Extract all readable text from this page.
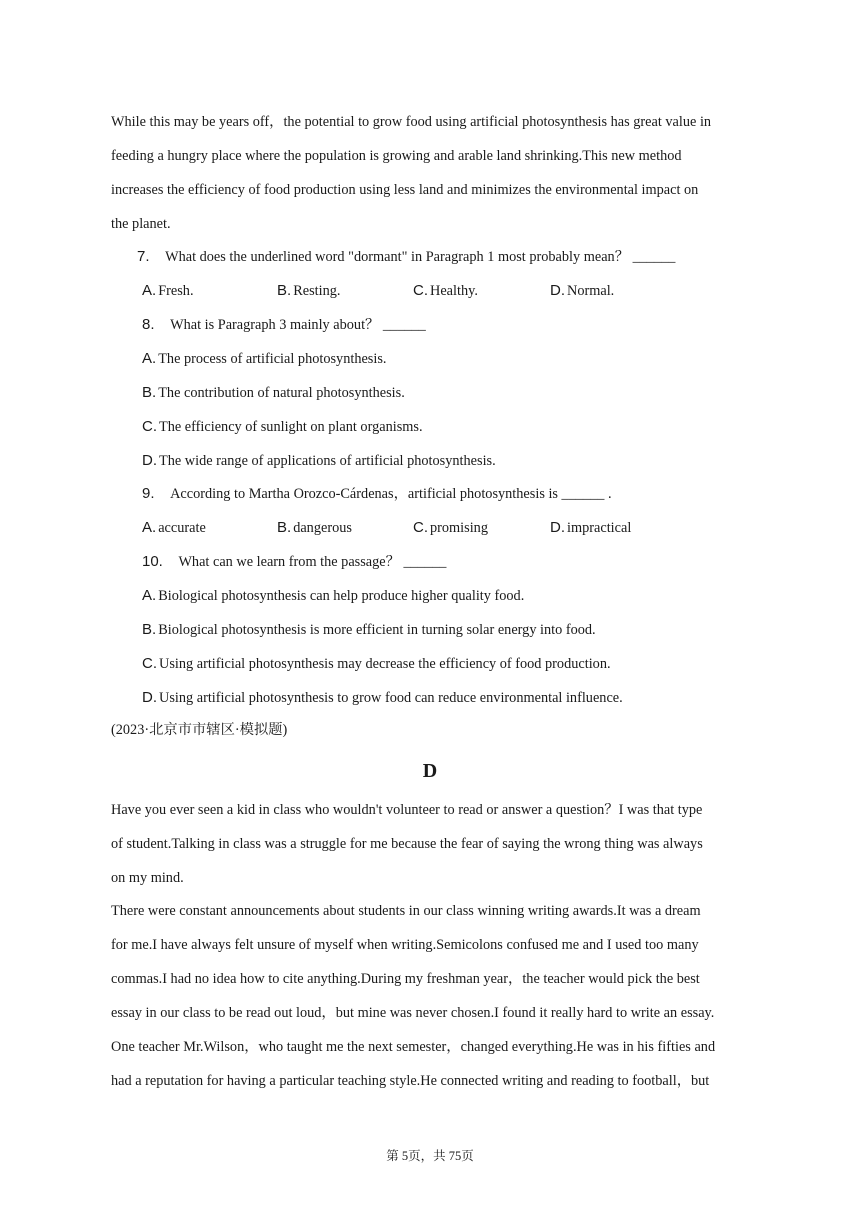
While this may be years off，the potential to grow food using artificial photosynthesis has great value in
feeding a hungry place where the population is growing and arable land shrinking.This new method
increases the efficiency of food production using less land and minimizes the environmental impact on
the planet.
7. What does the underlined word "dormant" in Paragraph 1 most probably mean？ ______
A. Fresh.	B. Resting.	C. Healthy.	D. Normal.
8. What is Paragraph 3 mainly about？ ______
A. The process of artificial photosynthesis.
B. The contribution of natural photosynthesis.
C. The efficiency of sunlight on plant organisms.
D. The wide range of applications of artificial photosynthesis.
9. According to Martha Orozco-Cárdenas，artificial photosynthesis is ______ .
A. accurate	B. dangerous	C. promising	D. impractical
10. What can we learn from the passage？ ______
A. Biological photosynthesis can help produce higher quality food.
B. Biological photosynthesis is more efficient in turning solar energy into food.
C. Using artificial photosynthesis may decrease the efficiency of food production.
D. Using artificial photosynthesis to grow food can reduce environmental influence.
(2023·北京市市辖区·模拟题)
D
Have you ever seen a kid in class who wouldn't volunteer to read or answer a question？I was that type
of student.Talking in class was a struggle for me because the fear of saying the wrong thing was always
on my mind.
There were constant announcements about students in our class winning writing awards.It was a dream
for me.I have always felt unsure of myself when writing.Semicolons confused me and I used too many
commas.I had no idea how to cite anything.During my freshman year，the teacher would pick the best
essay in our class to be read out loud，but mine was never chosen.I found it really hard to write an essay.
One teacher Mr.Wilson，who taught me the next semester，changed everything.He was in his fifties and
had a reputation for having a particular teaching style.He connected writing and reading to football，but
第 5页，共 75页
